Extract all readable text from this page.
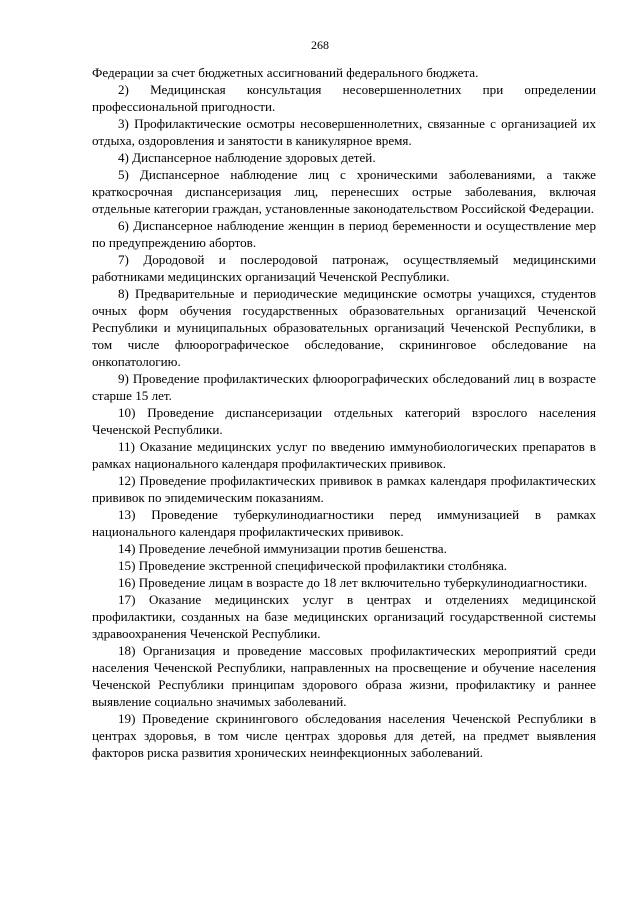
268

Федерации за счет бюджетных ассигнований федерального бюджета.

2) Медицинская консультация несовершеннолетних при определении профессиональной пригодности.

3) Профилактические осмотры несовершеннолетних, связанные с организацией их отдыха, оздоровления и занятости в каникулярное время.

4) Диспансерное наблюдение здоровых детей.

5) Диспансерное наблюдение лиц с хроническими заболеваниями, а также краткосрочная диспансеризация лиц, перенесших острые заболевания, включая отдельные категории граждан, установленные законодательством Российской Федерации.

6) Диспансерное наблюдение женщин в период беременности и осуществление мер по предупреждению абортов.

7) Дородовой и послеродовой патронаж, осуществляемый медицинскими работниками медицинских организаций Чеченской Республики.

8) Предварительные и периодические медицинские осмотры учащихся, студентов очных форм обучения государственных образовательных организаций Чеченской Республики и муниципальных образовательных организаций Чеченской Республики, в том числе флюорографическое обследование, скрининговое обследование на онкопатологию.

9) Проведение профилактических флюорографических обследований лиц в возрасте старше 15 лет.

10) Проведение диспансеризации отдельных категорий взрослого населения Чеченской Республики.

11) Оказание медицинских услуг по введению иммунобиологических препаратов в рамках национального календаря профилактических прививок.

12) Проведение профилактических прививок в рамках календаря профилактических прививок по эпидемическим показаниям.

13) Проведение туберкулинодиагностики перед иммунизацией в рамках национального календаря профилактических прививок.

14) Проведение лечебной иммунизации против бешенства.

15) Проведение экстренной специфической профилактики столбняка.

16) Проведение лицам в возрасте до 18 лет включительно туберкулинодиагностики.

17) Оказание медицинских услуг в центрах и отделениях медицинской профилактики, созданных на базе медицинских организаций государственной системы здравоохранения Чеченской Республики.

18) Организация и проведение массовых профилактических мероприятий среди населения Чеченской Республики, направленных на просвещение и обучение населения Чеченской Республики принципам здорового образа жизни, профилактику и раннее выявление социально значимых заболеваний.

19) Проведение скринингового обследования населения Чеченской Республики в центрах здоровья, в том числе центрах здоровья для детей, на предмет выявления факторов риска развития хронических неинфекционных заболеваний.
